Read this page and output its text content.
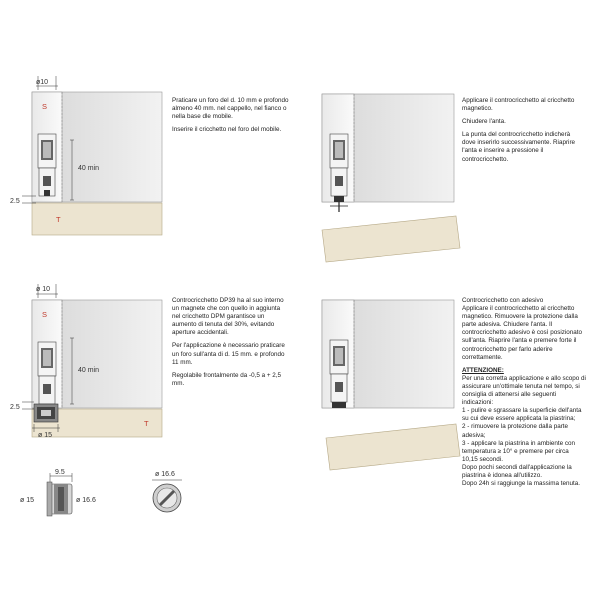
ø10
S
40 min
2.5
T
ø 10
S
40 min
2.5
ø 15
T
9.5
ø 15	ø 16.6
ø 16.6

Praticare un foro del d. 10 mm e profondo almeno 40 mm. nel cappello, nel fianco o nella base dle mobile.

Inserire il cricchetto nel foro del mobile.

Applicare il controcricchetto al cricchetto magnetico.

Chiudere l'anta.

La punta del controcricchetto indicherà dove inserirlo successivamente. Riaprire l'anta e inserire a pressione il controcricchetto.

Controcricchetto DP39 ha al suo interno un magnete che con quello in aggiunta nel cricchetto DPM garantisce un aumento di tenuta del 30%, evitando aperture accidentali.

Per l'applicazione è necessario praticare un foro sull'anta di d. 15 mm. e profondo 11 mm.

Regolabile frontalmente da -0,5 a + 2,5 mm.

Controcricchetto con adesivo

Applicare il controcricchetto al cricchetto magnetico. Rimuovere la protezione dalla parte adesiva. Chiudere l'anta. Il controcricchetto adesivo è così posizionato sull'anta. Riaprire l'anta e premere forte il controcricchetto per farlo aderire correttamente.

ATTENZIONE:
Per una corretta applicazione e allo scopo di assicurare un'ottimale tenuta nel tempo, si consiglia di attenersi alle seguenti indicazioni:
1 - pulire e sgrassare la superficie dell'anta su cui deve essere applicata la piastrina;
2 - rimuovere la protezione dalla parte adesiva;
3 - applicare la piastrina in ambiente con temperatura ≥ 10° e premere per circa 10,15 secondi.
Dopo pochi secondi dall'applicazione la piastrina è idonea all'utilizzo.
Dopo 24h si raggiunge la massima tenuta.
